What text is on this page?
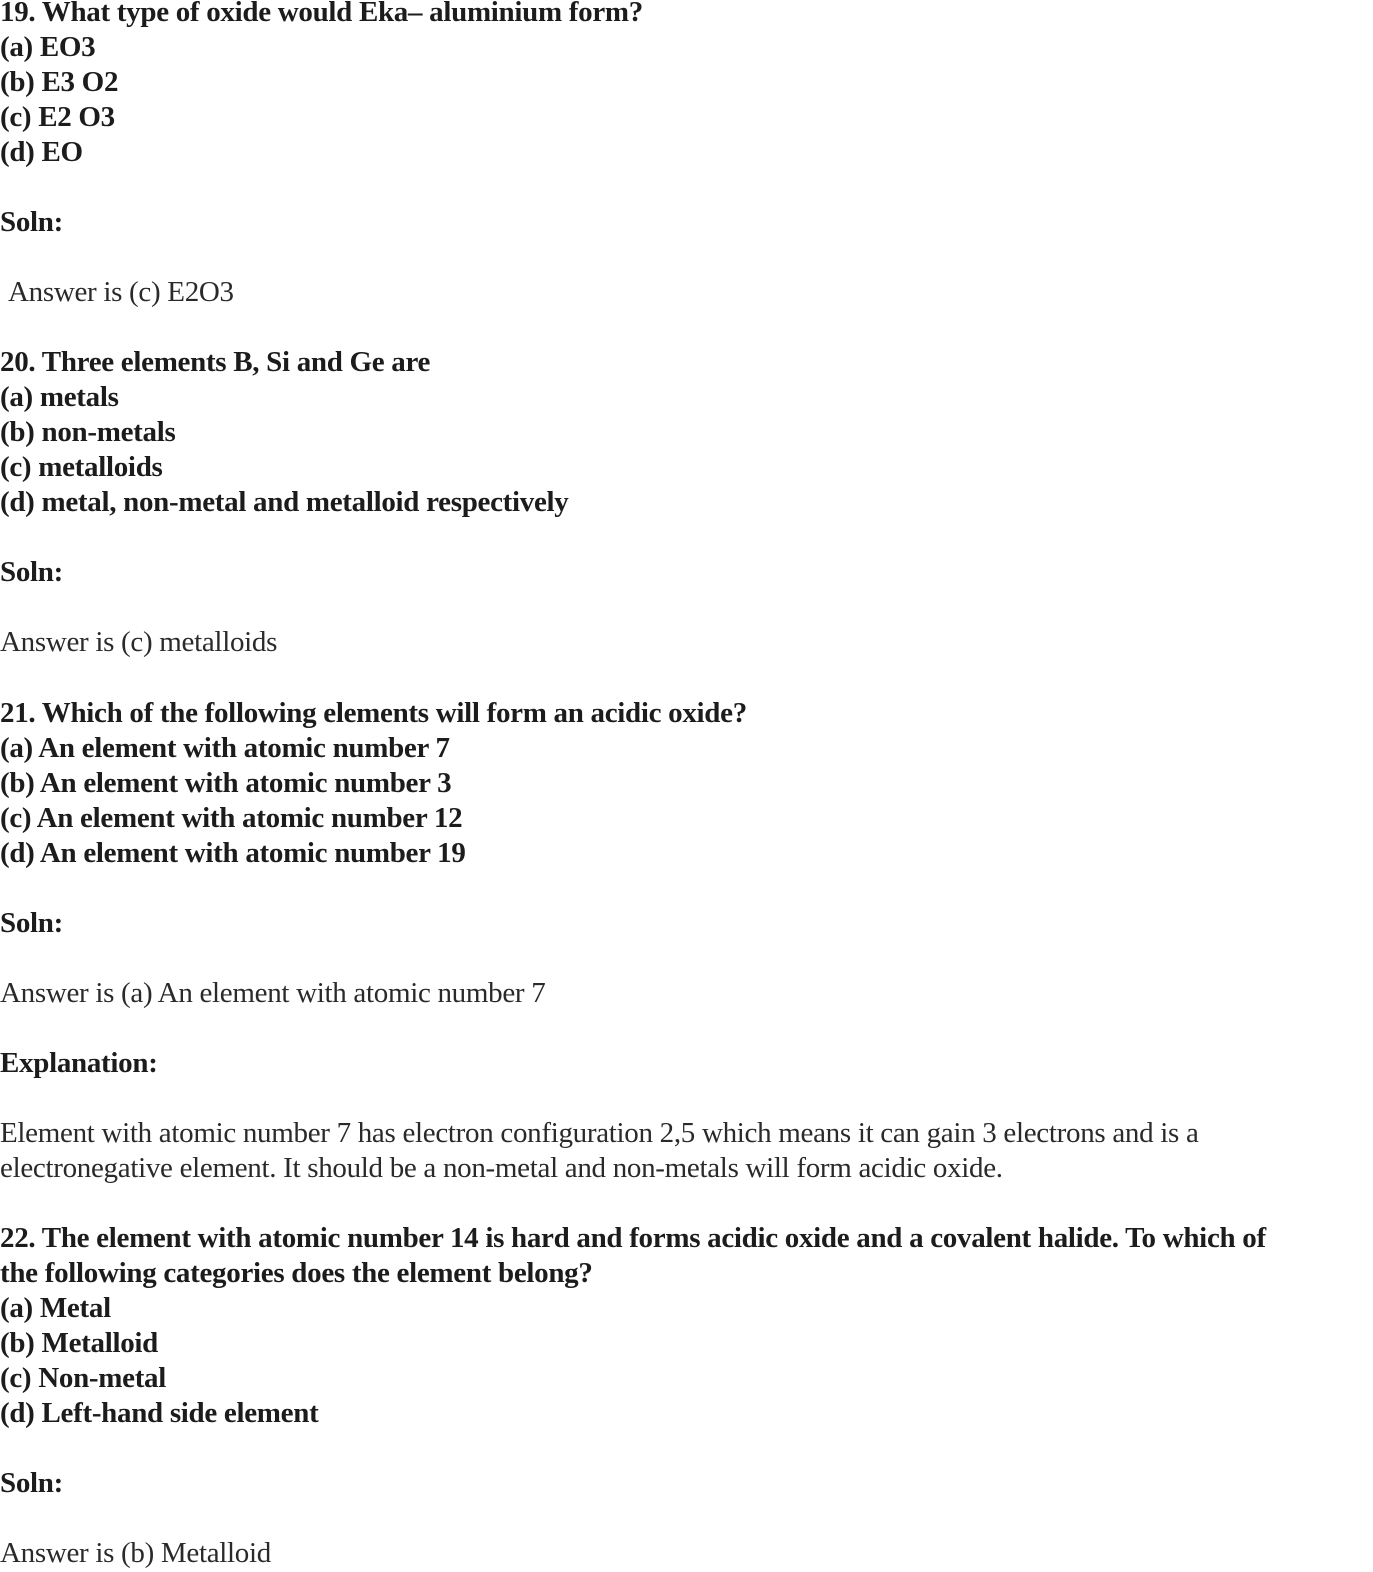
19. What type of oxide would Eka– aluminium form?
(a) EO3
(b) E3 O2
(c) E2 O3
(d) EO
Soln:
Answer is (c) E2O3
20. Three elements B, Si and Ge are
(a) metals
(b) non-metals
(c) metalloids
(d) metal, non-metal and metalloid respectively
Soln:
Answer is (c) metalloids
21. Which of the following elements will form an acidic oxide?
(a) An element with atomic number 7
(b) An element with atomic number 3
(c) An element with atomic number 12
(d) An element with atomic number 19
Soln:
Answer is (a) An element with atomic number 7
Explanation:
Element with atomic number 7 has electron configuration 2,5 which means it can gain 3 electrons and is a
electronegative element. It should be a non-metal and non-metals will form acidic oxide.
22. The element with atomic number 14 is hard and forms acidic oxide and a covalent halide. To which of
the following categories does the element belong?
(a) Metal
(b) Metalloid
(c) Non-metal
(d) Left-hand side element
Soln:
Answer is (b) Metalloid
